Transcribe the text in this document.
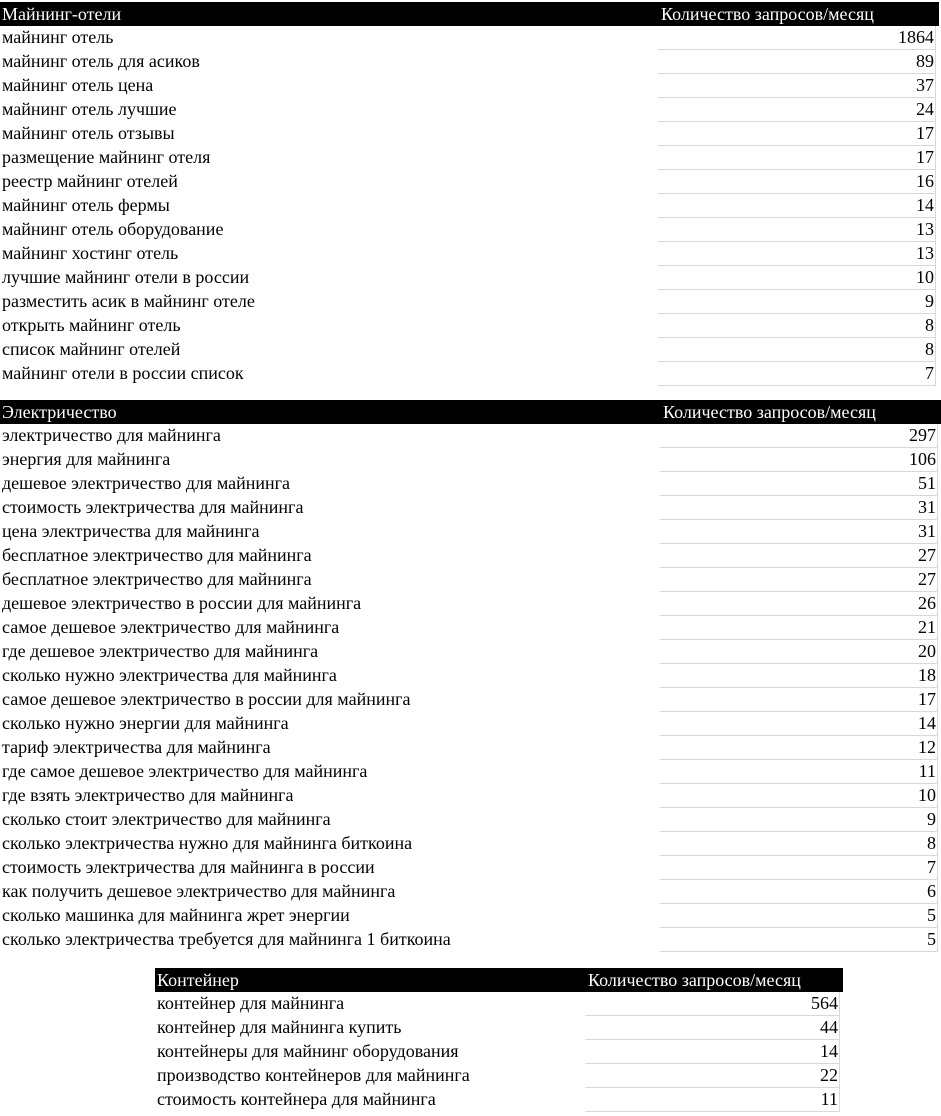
Майнинг-отели	Количество запросов/месяц
майнинг отель	1864
майнинг отель для асиков	89
майнинг отель цена	37
майнинг отель лучшие	24
майнинг отель отзывы	17
размещение майнинг отеля	17
реестр майнинг отелей	16
майнинг отель фермы	14
майнинг отель оборудование	13
майнинг хостинг отель	13
лучшие майнинг отели в россии	10
разместить асик в майнинг отеле	9
открыть майнинг отель	8
список майнинг отелей	8
майнинг отели в россии список	7
Электричество	Количество запросов/месяц
электричество для майнинга	297
энергия для майнинга	106
дешевое электричество для майнинга	51
стоимость электричества для майнинга	31
цена электричества для майнинга	31
бесплатное электричество для майнинга	27
бесплатное электричество для майнинга	27
дешевое электричество в россии для майнинга	26
самое дешевое электричество для майнинга	21
где дешевое электричество для майнинга	20
сколько нужно электричества для майнинга	18
самое дешевое электричество в россии для майнинга	17
сколько нужно энергии для майнинга	14
тариф электричества для майнинга	12
где самое дешевое электричество для майнинга	11
где взять электричество для майнинга	10
сколько стоит электричество для майнинга	9
сколько электричества нужно для майнинга биткоина	8
стоимость электричества для майнинга в россии	7
как получить дешевое электричество для майнинга	6
сколько машинка для майнинга жрет энергии	5
сколько электричества требуется для майнинга 1 биткоина	5
Контейнер	Количество запросов/месяц
контейнер для майнинга	564
контейнер для майнинга купить	44
контейнеры для майнинг оборудования	14
производство контейнеров для майнинга	22
стоимость контейнера для майнинга	11
